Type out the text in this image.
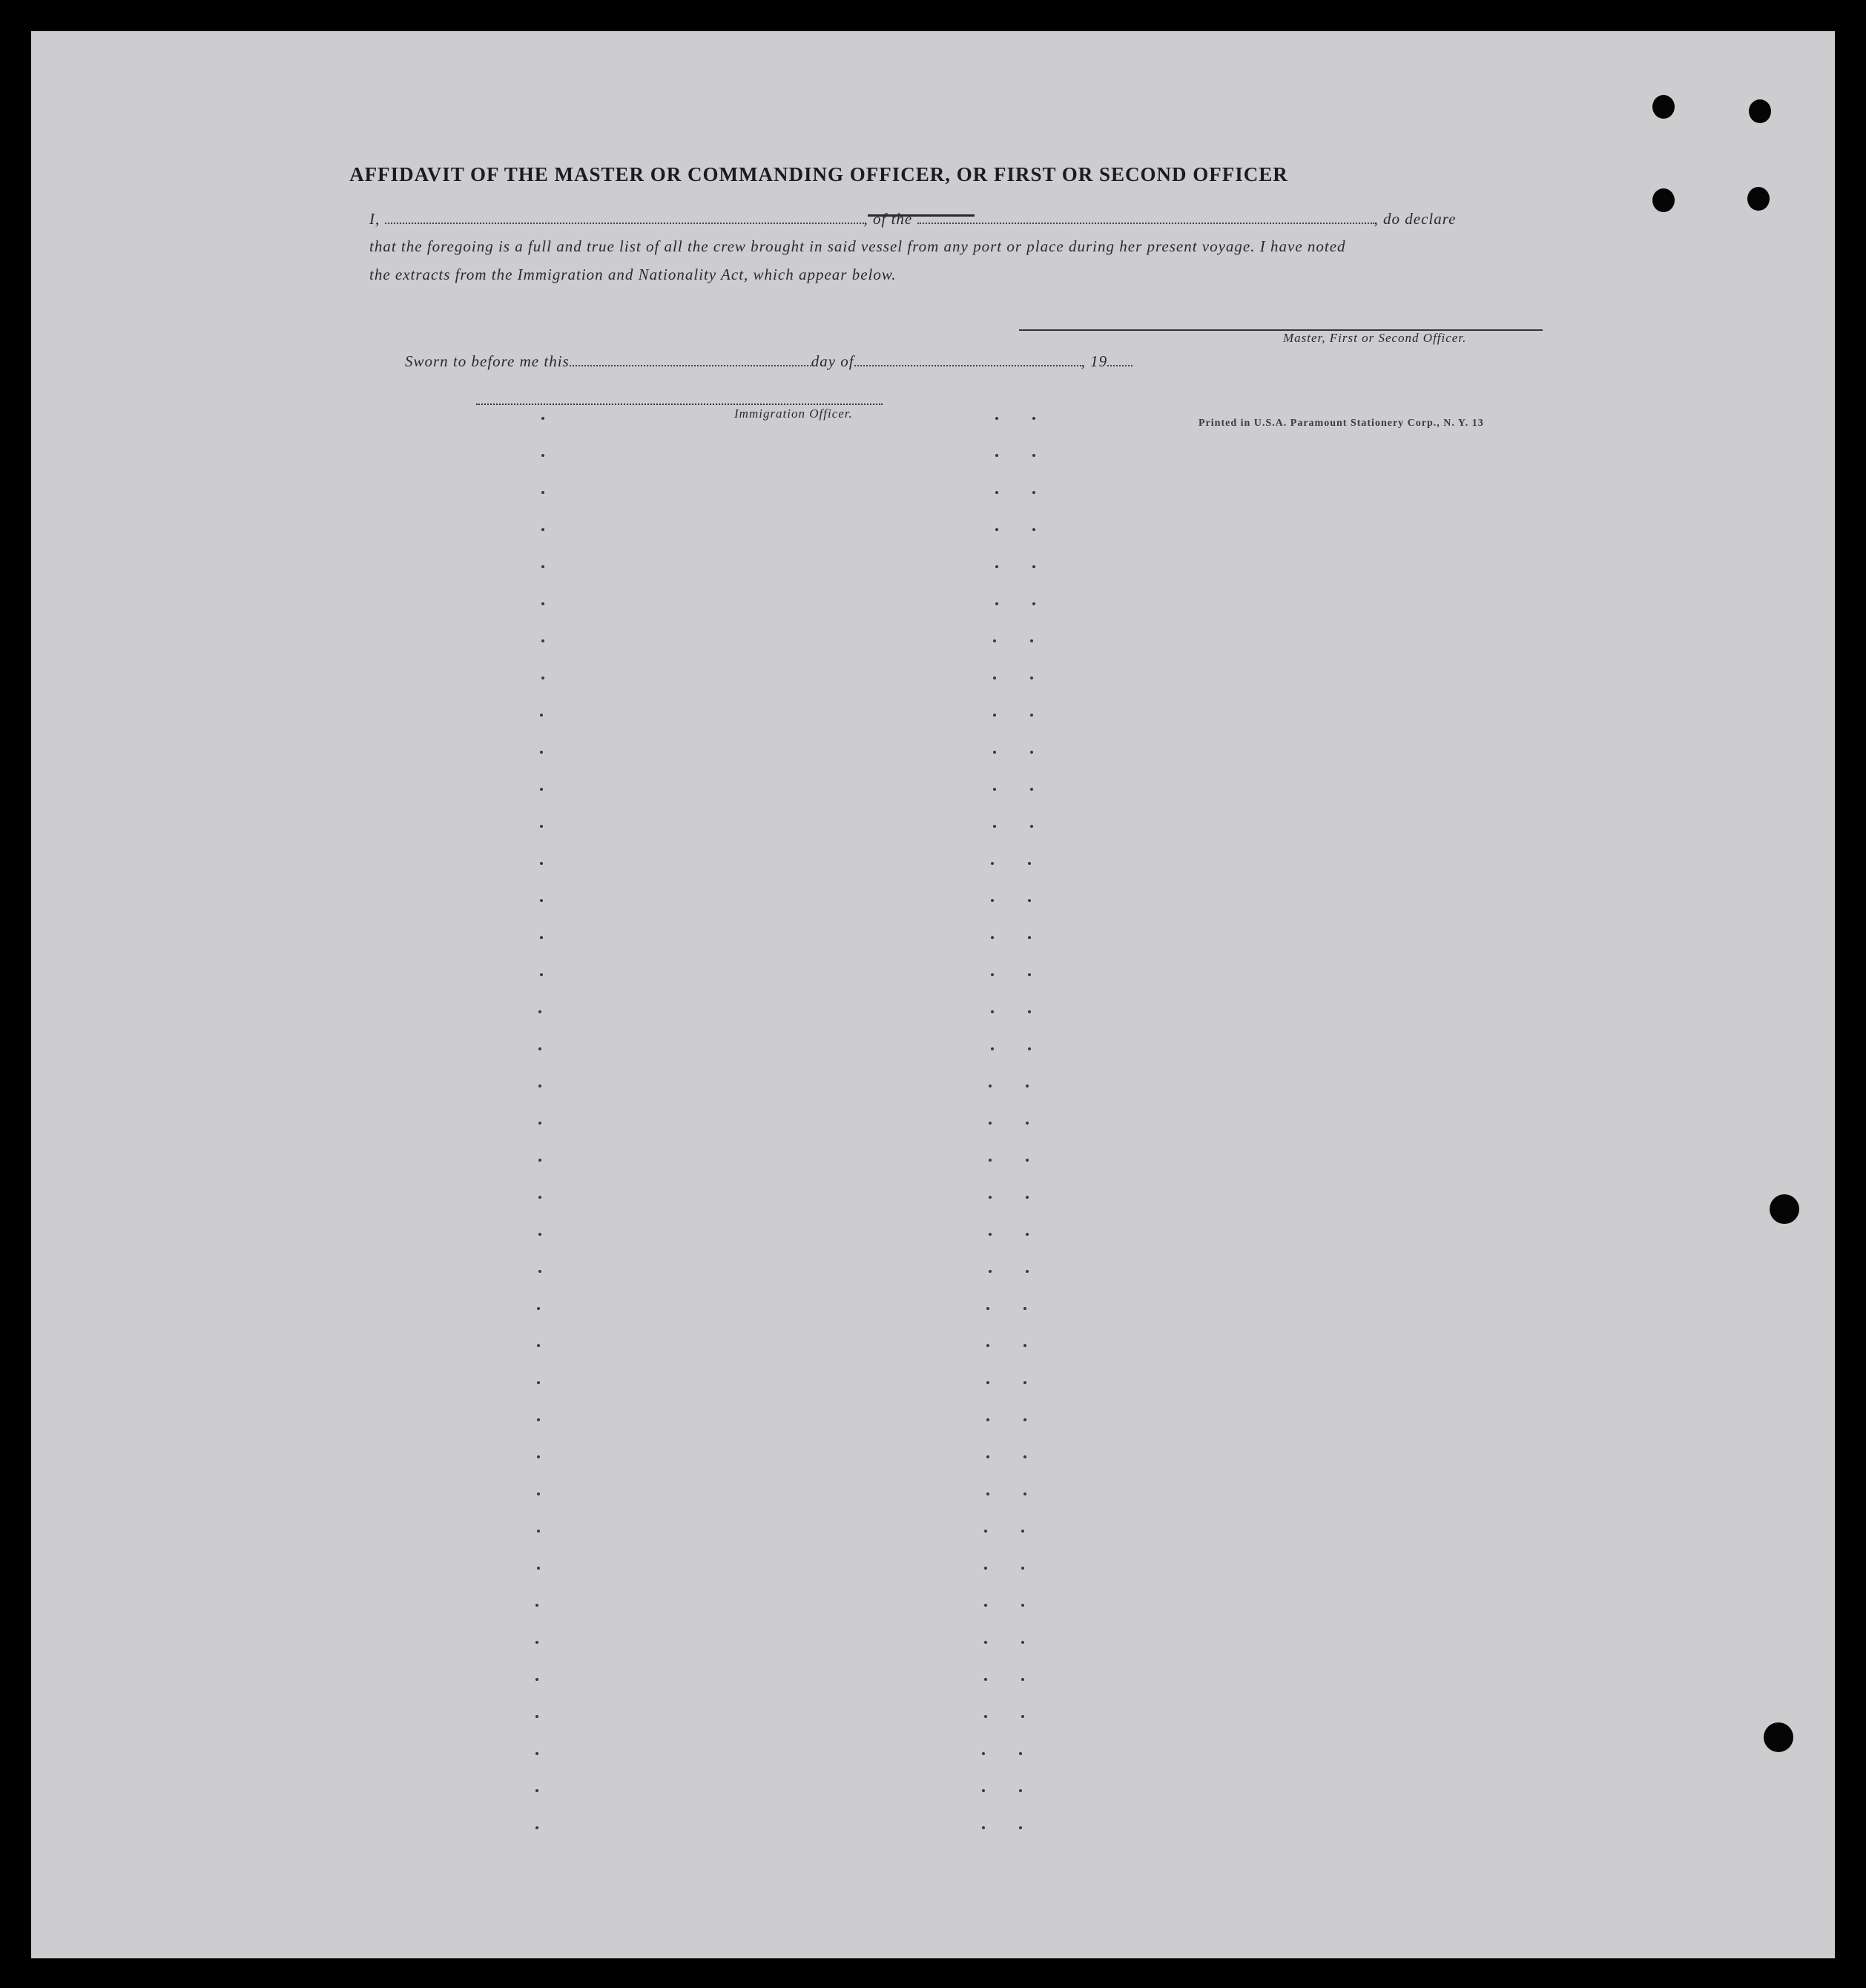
AFFIDAVIT OF THE MASTER OR COMMANDING OFFICER, OR FIRST OR SECOND OFFICER
I,	, of the	, do declare
that the foregoing is a full and true list of all the crew brought in said vessel from any port or place during her present voyage. I have noted
the extracts from the Immigration and Nationality Act, which appear below.
Master, First or Second Officer.
Sworn to before me this	day of	, 19
Immigration Officer.
Printed in U.S.A. Paramount Stationery Corp., N. Y. 13
